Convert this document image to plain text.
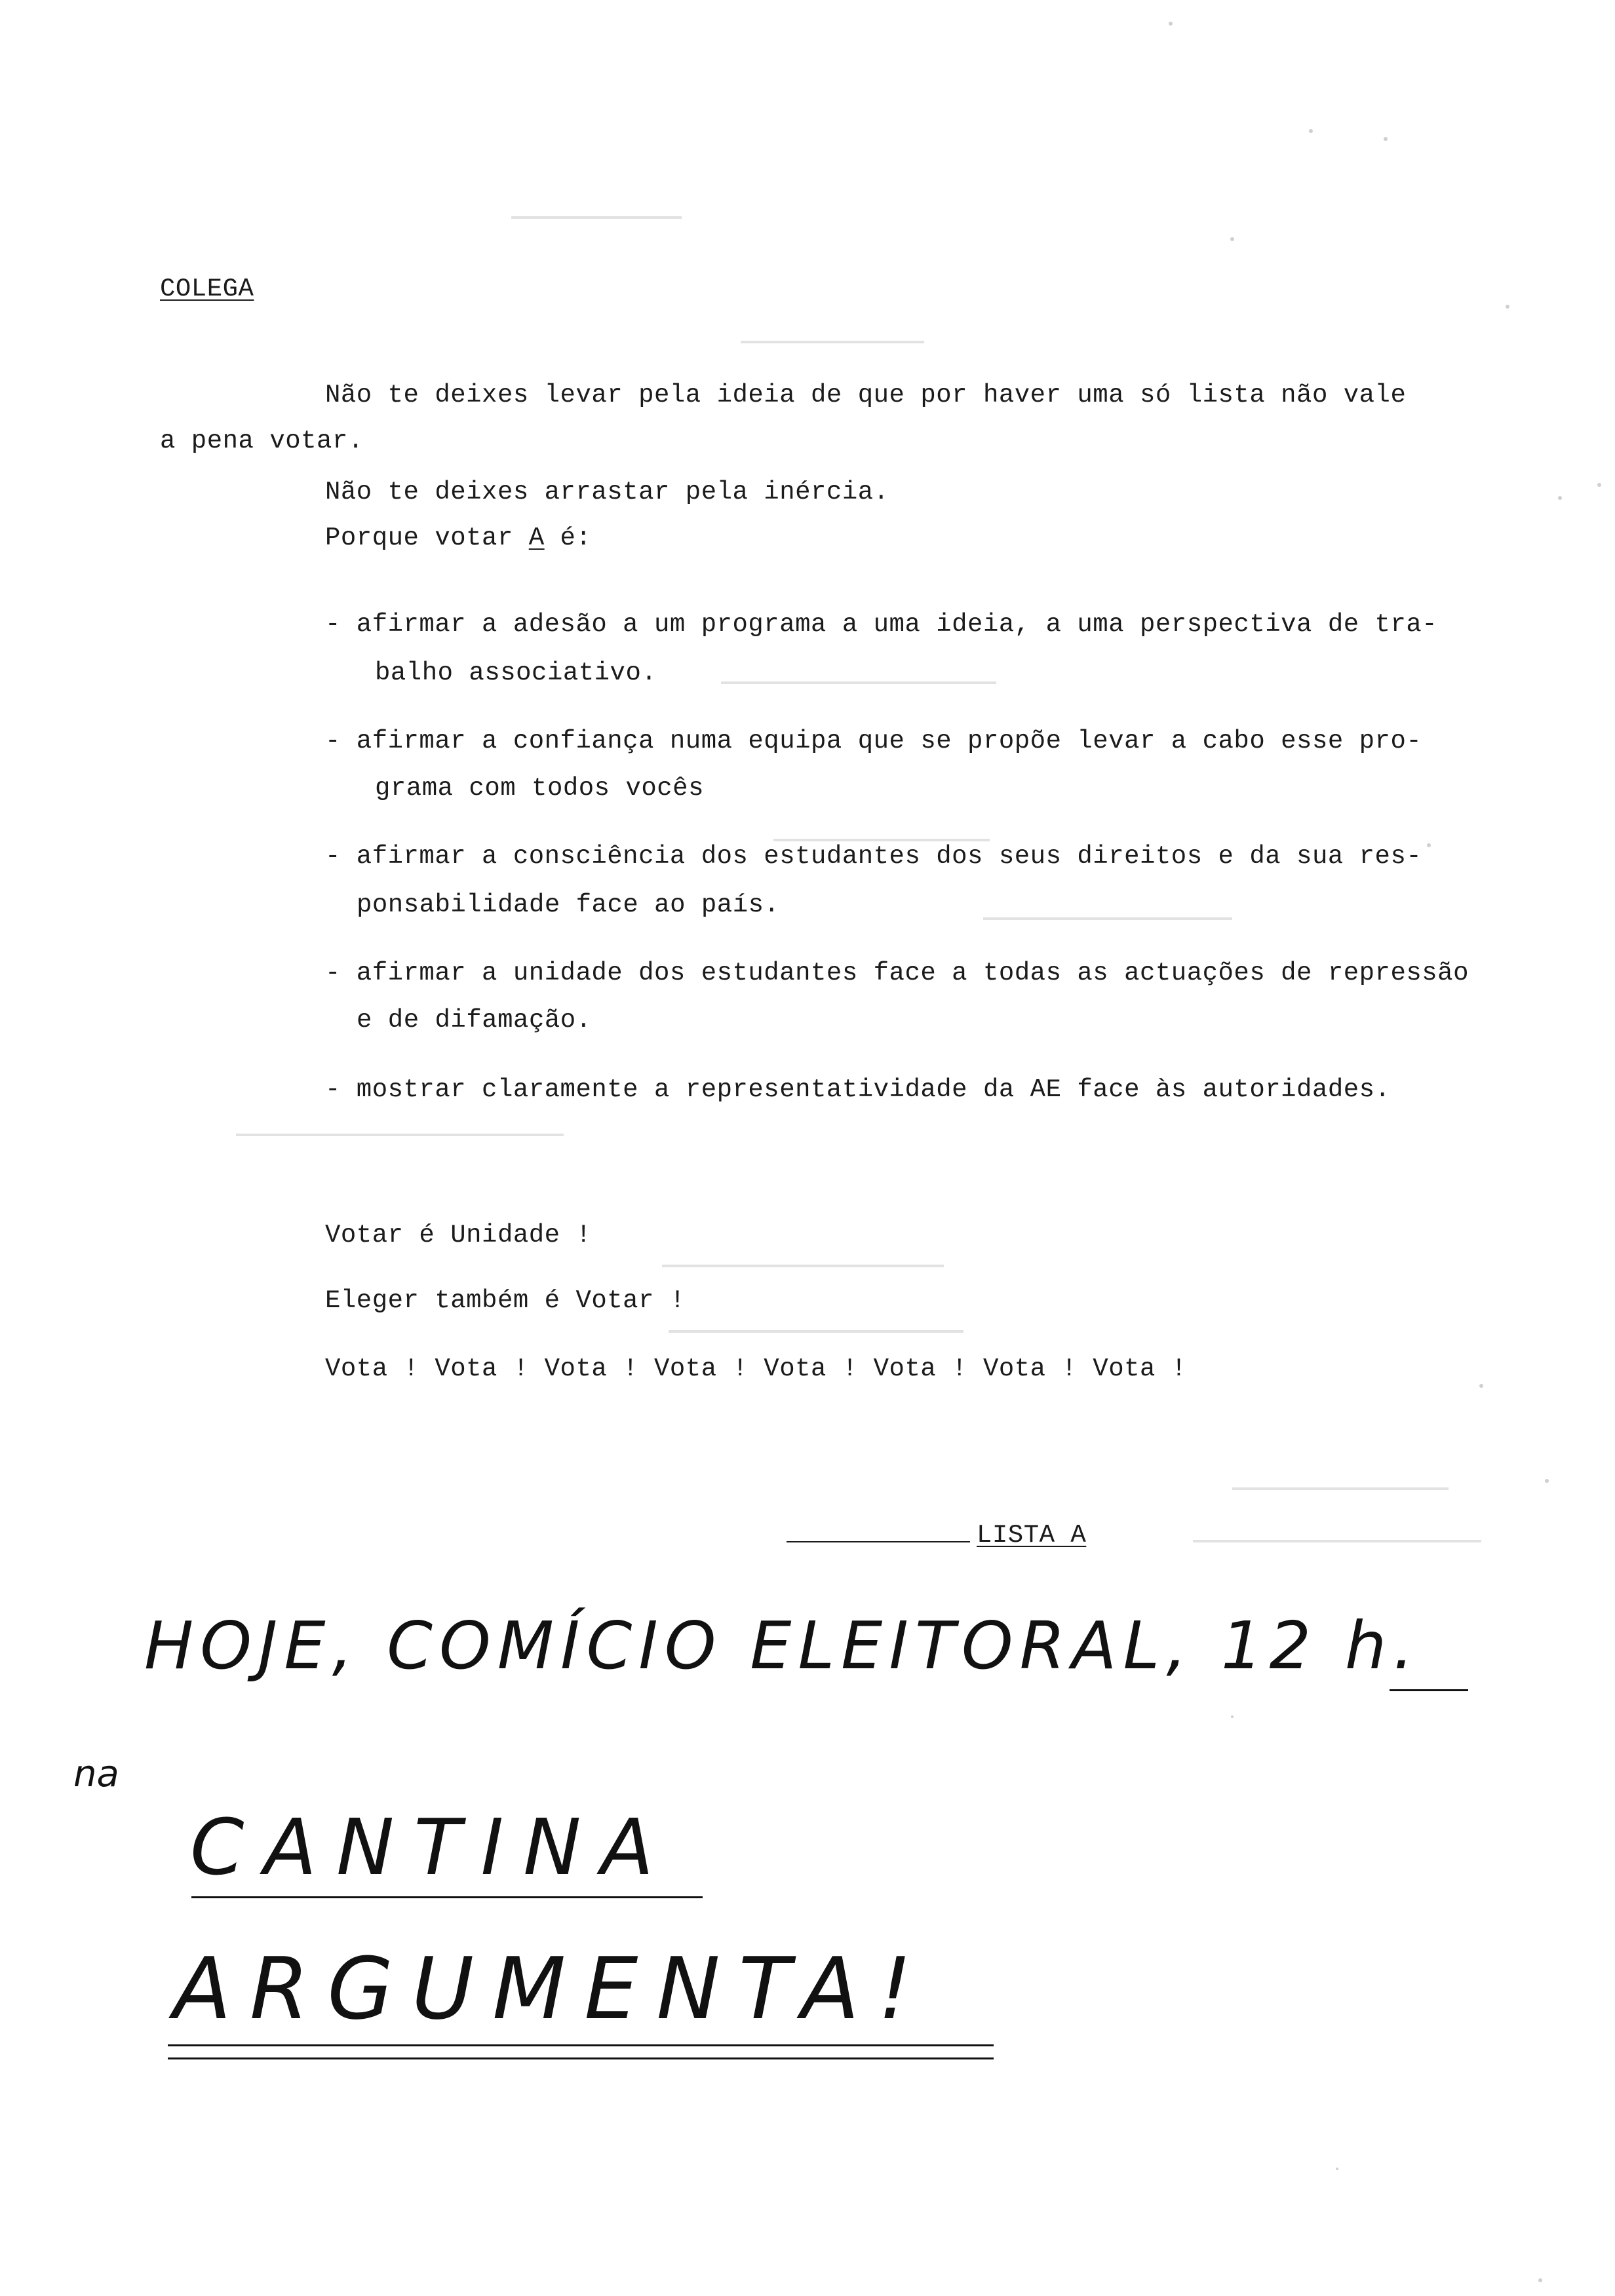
COLEGA
Não te deixes levar pela ideia de que por haver uma só lista não vale
a pena votar.
Não te deixes arrastar pela inércia.
Porque votar A é:
- afirmar a adesão a um programa a uma ideia, a uma perspectiva de tra-
balho associativo.
- afirmar a confiança numa equipa que se propõe levar a cabo esse pro-
grama com todos vocês
- afirmar a consciência dos estudantes dos seus direitos e da sua res-
ponsabilidade face ao país.
- afirmar a unidade dos estudantes face a todas as actuações de repressão
e de difamação.
- mostrar claramente a representatividade da AE face às autoridades.
Votar é Unidade !
Eleger também é Votar !
Vota ! Vota ! Vota ! Vota ! Vota ! Vota ! Vota ! Vota !
LISTA A
HOJE, COMÍCIO ELEITORAL, 12 h.
na
CANTINA
ARGUMENTA!
